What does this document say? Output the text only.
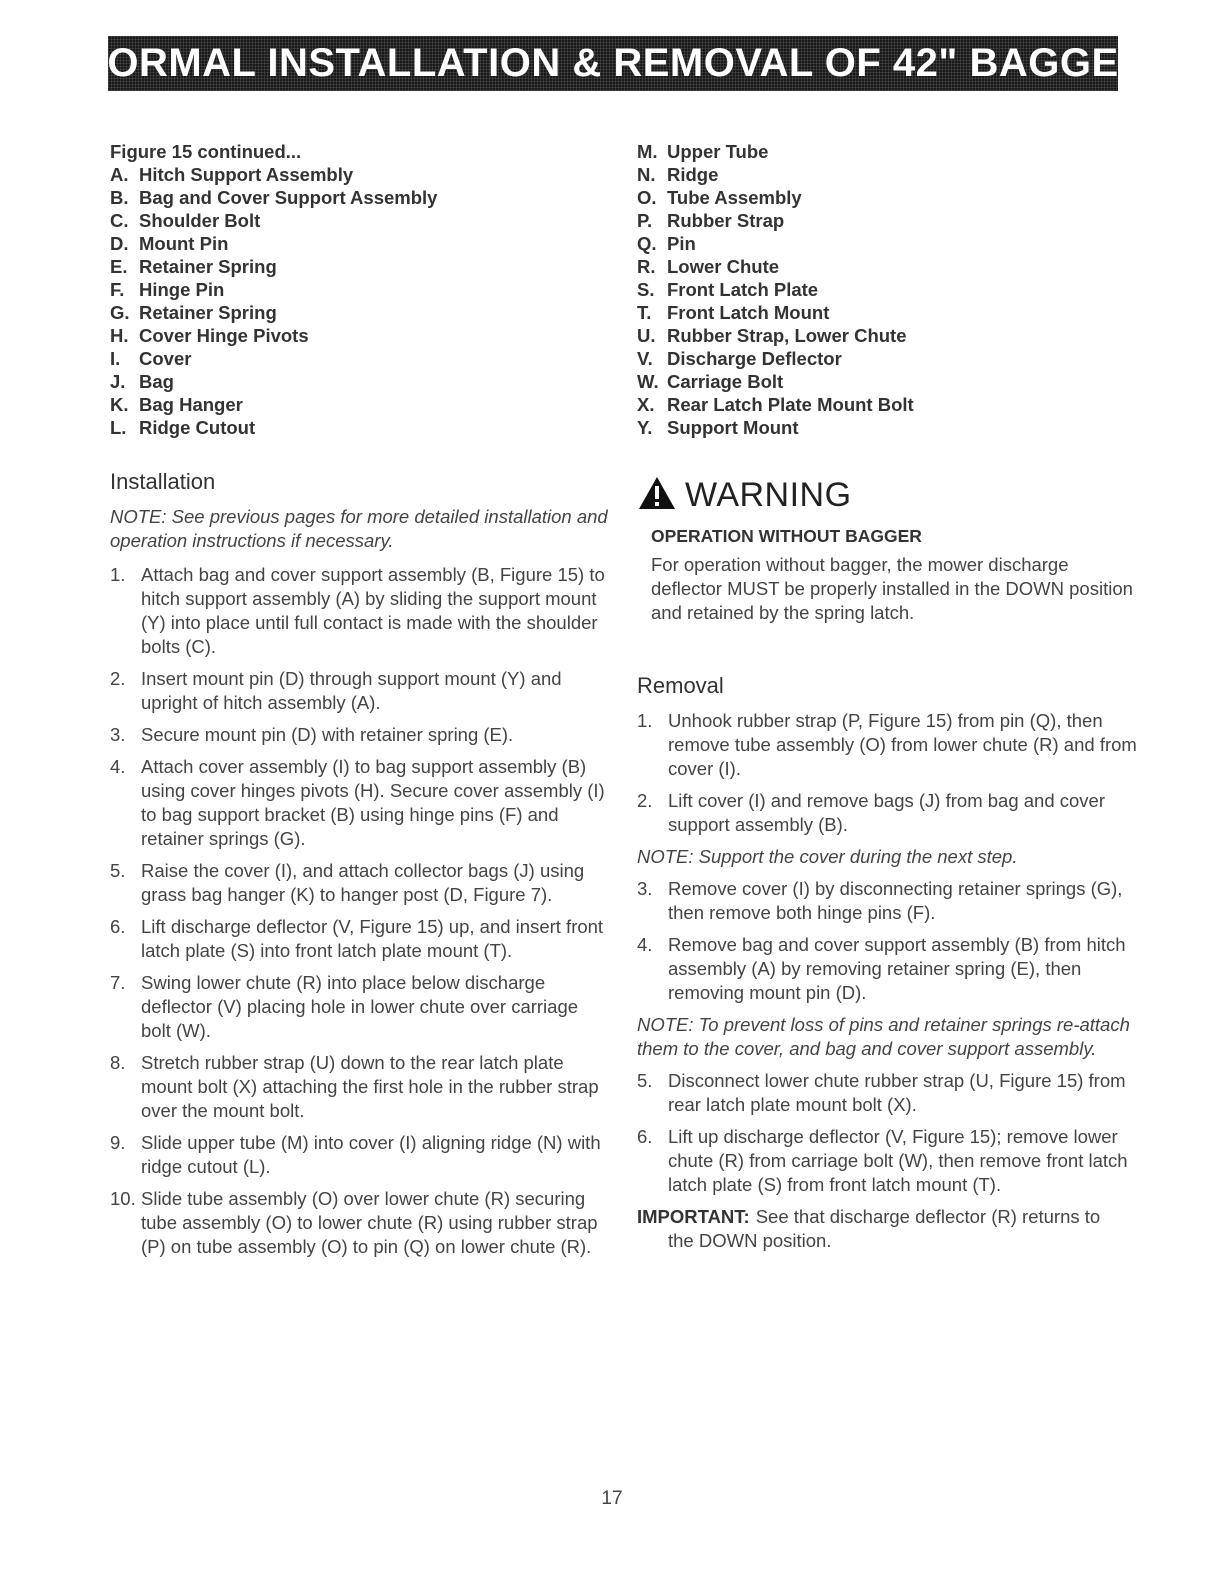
NORMAL INSTALLATION & REMOVAL OF 42" BAGGER
Figure 15 continued...
A. Hitch Support Assembly
B. Bag and Cover Support Assembly
C. Shoulder Bolt
D. Mount Pin
E. Retainer Spring
F. Hinge Pin
G. Retainer Spring
H. Cover Hinge Pivots
I.	Cover
J. Bag
K. Bag Hanger
L. Ridge Cutout
Installation
NOTE: See previous pages for more detailed installation and operation instructions if necessary.
1. Attach bag and cover support assembly (B, Figure 15) to hitch support assembly (A) by sliding the support mount (Y) into place until full contact is made with the shoulder bolts (C).
2. Insert mount pin (D) through support mount (Y) and upright of hitch assembly (A).
3. Secure mount pin (D) with retainer spring (E).
4. Attach cover assembly (I) to bag support assembly (B) using cover hinges pivots (H). Secure cover assembly (I) to bag support bracket (B) using hinge pins (F) and retainer springs (G).
5. Raise the cover (I), and attach collector bags (J) using grass bag hanger (K) to hanger post (D, Figure 7).
6. Lift discharge deflector (V, Figure 15) up, and insert front latch plate (S) into front latch plate mount (T).
7. Swing lower chute (R) into place below discharge deflector (V) placing hole in lower chute over carriage bolt (W).
8. Stretch rubber strap (U) down to the rear latch plate mount bolt (X) attaching the first hole in the rubber strap over the mount bolt.
9. Slide upper tube (M) into cover (I) aligning ridge (N) with ridge cutout (L).
10. Slide tube assembly (O) over lower chute (R) securing tube assembly (O) to lower chute (R) using rubber strap (P) on tube assembly (O) to pin (Q) on lower chute (R).
M. Upper Tube
N. Ridge
O. Tube Assembly
P. Rubber Strap
Q. Pin
R. Lower Chute
S. Front Latch Plate
T. Front Latch Mount
U. Rubber Strap, Lower Chute
V. Discharge Deflector
W. Carriage Bolt
X. Rear Latch Plate Mount Bolt
Y. Support Mount
WARNING
OPERATION WITHOUT BAGGER
For operation without bagger, the mower discharge deflector MUST be properly installed in the DOWN position and retained by the spring latch.
Removal
1. Unhook rubber strap (P, Figure 15) from pin (Q), then remove tube assembly (O) from lower chute (R) and from cover (I).
2. Lift cover (I) and remove bags (J) from bag and cover support assembly (B).
NOTE: Support the cover during the next step.
3. Remove cover (I) by disconnecting retainer springs (G), then remove both hinge pins (F).
4. Remove bag and cover support assembly (B) from hitch assembly (A) by removing retainer spring (E), then removing mount pin (D).
NOTE: To prevent loss of pins and retainer springs re-attach them to the cover, and bag and cover support assembly.
5. Disconnect lower chute rubber strap (U, Figure 15) from rear latch plate mount bolt (X).
6. Lift up discharge deflector (V, Figure 15); remove lower chute (R) from carriage bolt (W), then remove front latch latch plate (S) from front latch mount (T).
IMPORTANT: See that discharge deflector (R) returns to
the DOWN position.
17
